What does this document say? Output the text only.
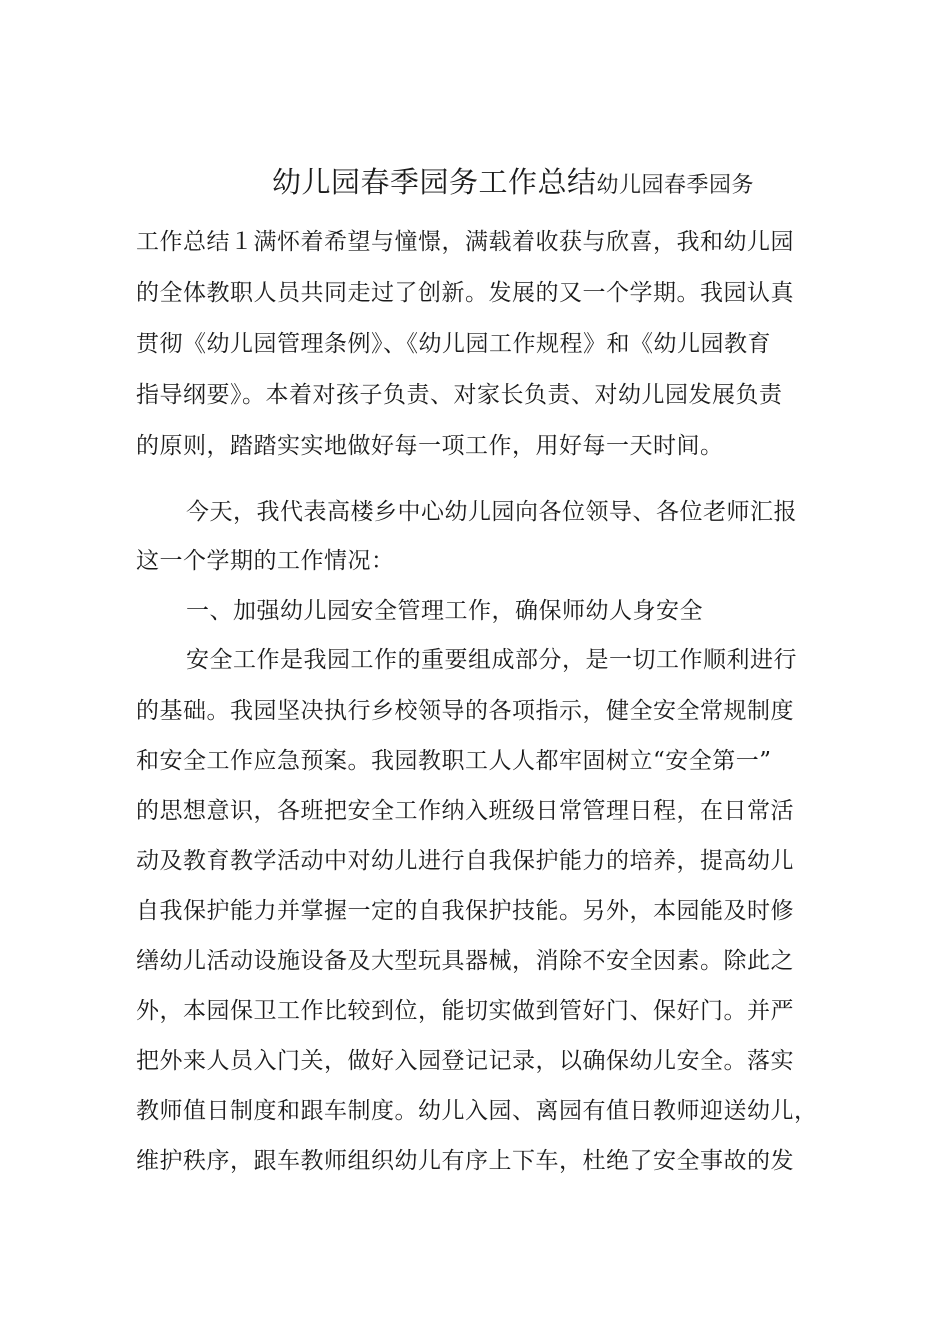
幼儿园春季园务工作总结幼儿园春季园务
工作总结１满怀着希望与憧憬，满载着收获与欣喜，我和幼儿园
的全体教职人员共同走过了创新。发展的又一个学期。我园认真
贯彻《幼儿园管理条例》、《幼儿园工作规程》和《幼儿园教育
指导纲要》。本着对孩子负责、对家长负责、对幼儿园发展负责
的原则，踏踏实实地做好每一项工作，用好每一天时间。
今天，我代表高楼乡中心幼儿园向各位领导、各位老师汇报
这一个学期的工作情况：
一、加强幼儿园安全管理工作，确保师幼人身安全
安全工作是我园工作的重要组成部分，是一切工作顺利进行
的基础。我园坚决执行乡校领导的各项指示，健全安全常规制度
和安全工作应急预案。我园教职工人人都牢固树立“安全第一”
的思想意识，各班把安全工作纳入班级日常管理日程，在日常活
动及教育教学活动中对幼儿进行自我保护能力的培养，提高幼儿
自我保护能力并掌握一定的自我保护技能。另外，本园能及时修
缮幼儿活动设施设备及大型玩具器械，消除不安全因素。除此之
外，本园保卫工作比较到位，能切实做到管好门、保好门。并严
把外来人员入门关，做好入园登记记录，以确保幼儿安全。落实
教师值日制度和跟车制度。幼儿入园、离园有值日教师迎送幼儿，
维护秩序，跟车教师组织幼儿有序上下车，杜绝了安全事故的发
